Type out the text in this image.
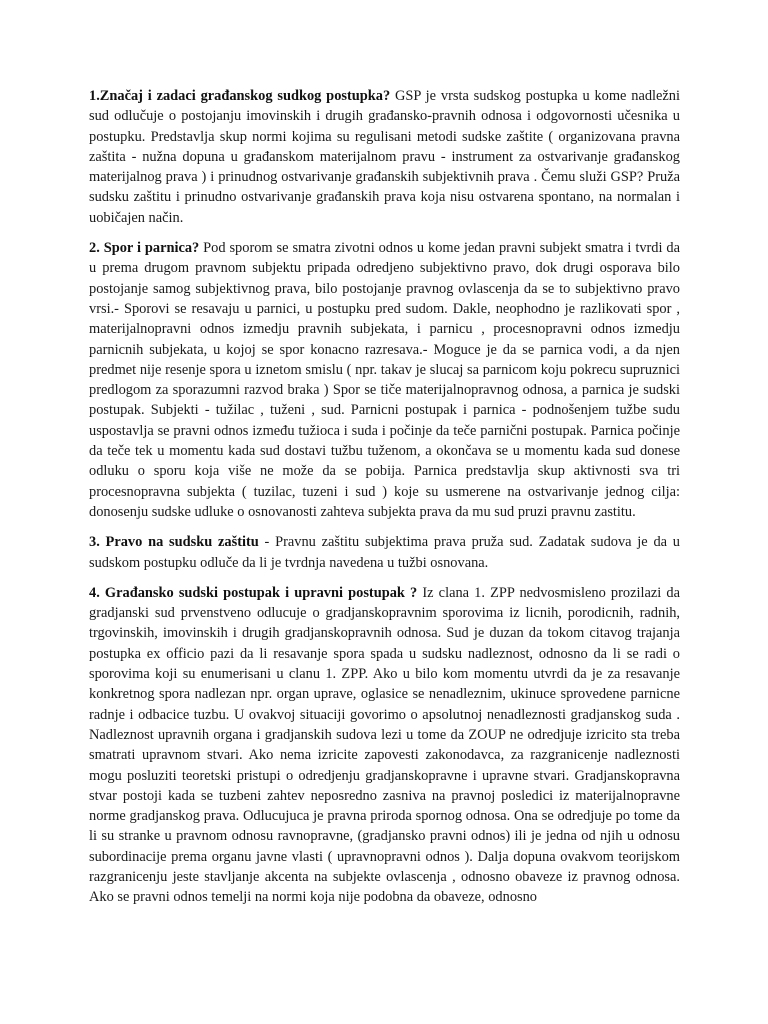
1.Značaj i zadaci građanskog sudkog postupka? GSP je vrsta sudskog postupka u kome nadležni sud odlučuje o postojanju imovinskih i drugih građansko-pravnih odnosa i odgovornosti učesnika u postupku. Predstavlja skup normi kojima su regulisani metodi sudske zaštite ( organizovana pravna zaštita - nužna dopuna u građanskom materijalnom pravu - instrument za ostvarivanje građanskog materijalnog prava ) i prinudnog ostvarivanje građanskih subjektivnih prava . Čemu služi GSP? Pruža sudsku zaštitu i prinudno ostvarivanje građanskih prava koja nisu ostvarena spontano, na normalan i uobičajen način.

2. Spor i parnica? Pod sporom se smatra zivotni odnos u kome jedan pravni subjekt smatra i tvrdi da u prema drugom pravnom subjektu pripada odredjeno subjektivno pravo, dok drugi osporava bilo postojanje samog subjektivnog prava, bilo postojanje pravnog ovlascenja da se to subjektivno pravo vrsi.- Sporovi se resavaju u parnici, u postupku pred sudom. Dakle, neophodno je razlikovati spor , materijalnopravni odnos izmedju pravnih subjekata, i parnicu , procesnopravni odnos izmedju parnicnih subjekata, u kojoj se spor konacno razresava.- Moguce je da se parnica vodi, a da njen predmet nije resenje spora u iznetom smislu ( npr. takav je slucaj sa parnicom koju pokrecu supruznici predlogom za sporazumni razvod braka ) Spor se tiče materijalnopravnog odnosa, a parnica je sudski postupak. Subjekti - tužilac , tuženi , sud. Parnicni postupak i parnica - podnošenjem tužbe sudu uspostavlja se pravni odnos između tužioca i suda i počinje da teče parnični postupak. Parnica počinje da teče tek u momentu kada sud dostavi tužbu tuženom, a okončava se u momentu kada sud donese odluku o sporu koja više ne može da se pobija. Parnica predstavlja skup aktivnosti sva tri procesnopravna subjekta ( tuzilac, tuzeni i sud ) koje su usmerene na ostvarivanje jednog cilja: donosenju sudske udluke o osnovanosti zahteva subjekta prava da mu sud pruzi pravnu zastitu.

3. Pravo na sudsku zaštitu - Pravnu zaštitu subjektima prava pruža sud. Zadatak sudova je da u sudskom postupku odluče da li je tvrdnja navedena u tužbi osnovana.

4. Građansko sudski postupak i upravni postupak ? Iz clana 1. ZPP nedvosmisleno prozilazi da gradjanski sud prvenstveno odlucuje o gradjanskopravnim sporovima iz licnih, porodicnih, radnih, trgovinskih, imovinskih i drugih gradjanskopravnih odnosa. Sud je duzan da tokom citavog trajanja postupka ex officio pazi da li resavanje spora spada u sudsku nadleznost, odnosno da li se radi o sporovima koji su enumerisani u clanu 1. ZPP. Ako u bilo kom momentu utvrdi da je za resavanje konkretnog spora nadlezan npr. organ uprave, oglasice se nenadleznim, ukinuce sprovedene parnicne radnje i odbacice tuzbu. U ovakvoj situaciji govorimo o apsolutnoj nenadleznosti gradjanskog suda . Nadleznost upravnih organa i gradjanskih sudova lezi u tome da ZOUP ne odredjuje izricito sta treba smatrati upravnom stvari. Ako nema izricite zapovesti zakonodavca, za razgranicenje nadleznosti mogu posluziti teoretski pristupi o odredjenju gradjanskopravne i upravne stvari. Gradjanskopravna stvar postoji kada se tuzbeni zahtev neposredno zasniva na pravnoj posledici iz materijalnopravne norme gradjanskog prava. Odlucujuca je pravna priroda spornog odnosa. Ona se odredjuje po tome da li su stranke u pravnom odnosu ravnopravne, (gradjansko pravni odnos) ili je jedna od njih u odnosu subordinacije prema organu javne vlasti ( upravnopravni odnos ). Dalja dopuna ovakvom teorijskom razgranicenju jeste stavljanje akcenta na subjekte ovlascenja , odnosno obaveze iz pravnog odnosa. Ako se pravni odnos temelji na normi koja nije podobna da obaveze, odnosno
